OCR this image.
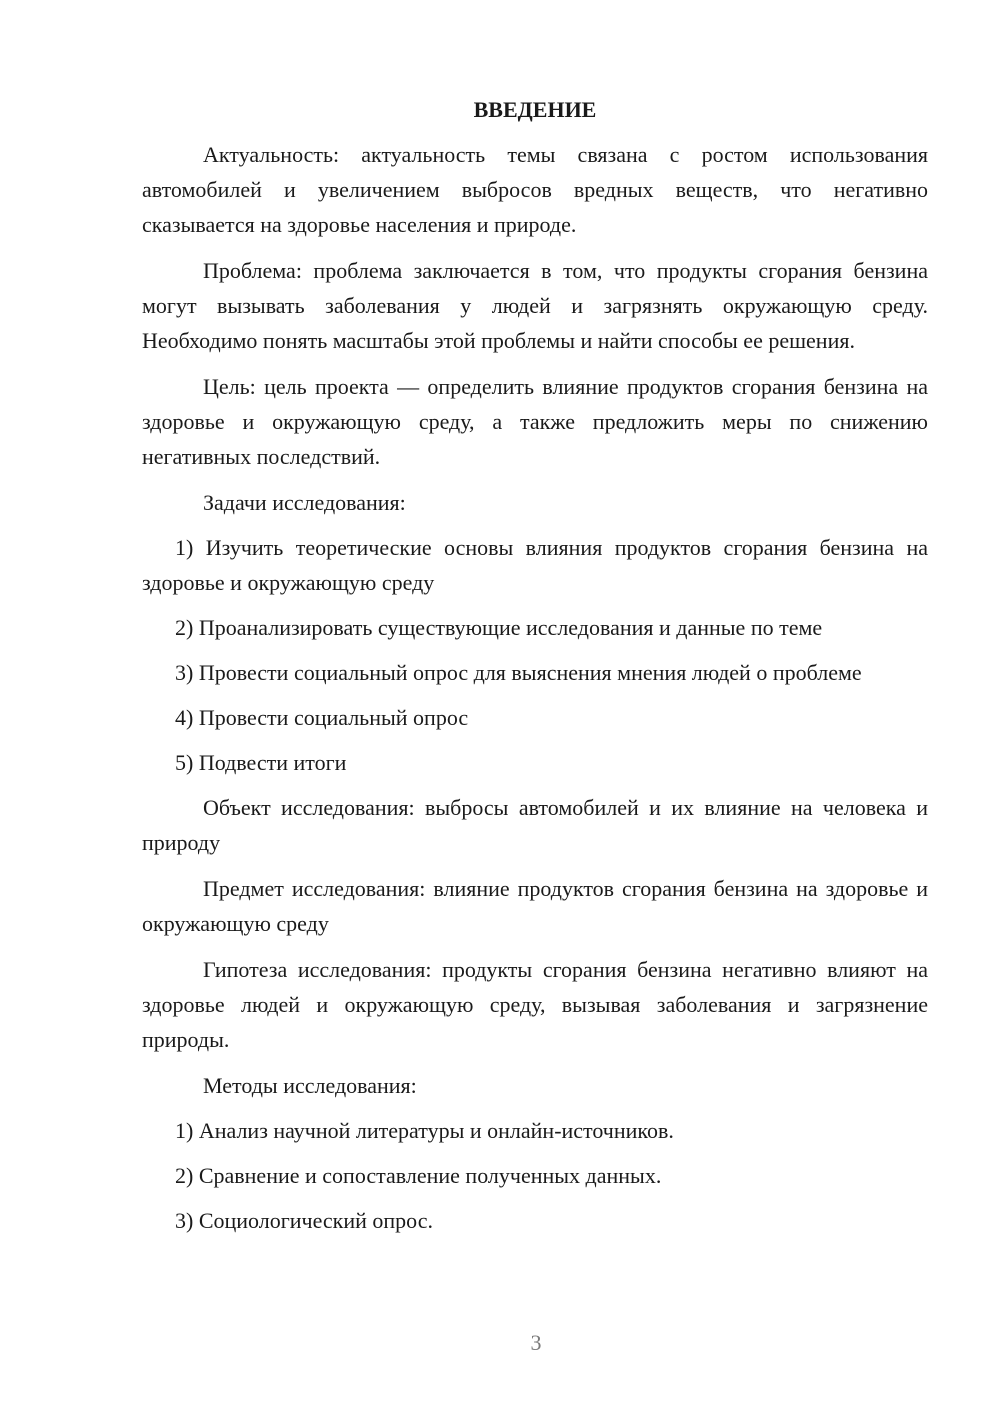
ВВЕДЕНИЕ

Актуальность: актуальность темы связана с ростом использования автомобилей и увеличением выбросов вредных веществ, что негативно сказывается на здоровье населения и природе.

Проблема: проблема заключается в том, что продукты сгорания бензина могут вызывать заболевания у людей и загрязнять окружающую среду. Необходимо понять масштабы этой проблемы и найти способы ее решения.

Цель: цель проекта — определить влияние продуктов сгорания бензина на здоровье и окружающую среду, а также предложить меры по снижению негативных последствий.

Задачи исследования:

1) Изучить теоретические основы влияния продуктов сгорания бензина на здоровье и окружающую среду

2) Проанализировать существующие исследования и данные по теме

3) Провести социальный опрос для выяснения мнения людей о проблеме

4) Провести социальный опрос

5) Подвести итоги

Объект исследования: выбросы автомобилей и их влияние на человека и природу

Предмет исследования: влияние продуктов сгорания бензина на здоровье и окружающую среду

Гипотеза исследования: продукты сгорания бензина негативно влияют на здоровье людей и окружающую среду, вызывая заболевания и загрязнение природы.

Методы исследования:

1) Анализ научной литературы и онлайн-источников.

2) Сравнение и сопоставление полученных данных.

3) Социологический опрос.

3
